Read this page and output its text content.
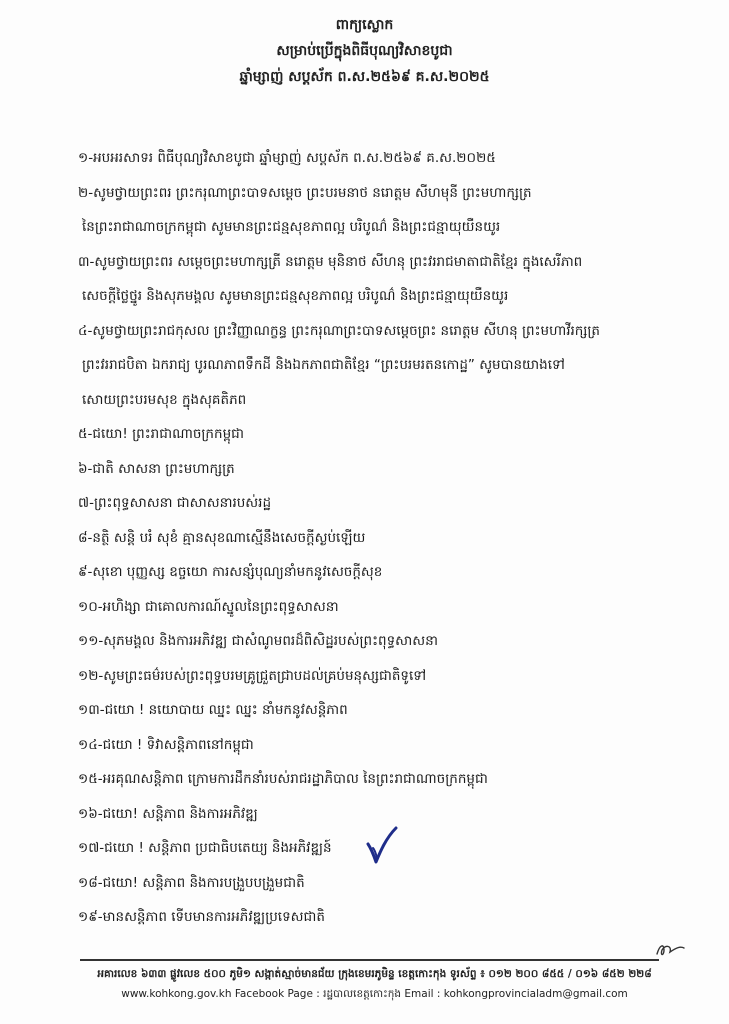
ពាក្យស្លោក
សម្រាប់ប្រើក្នុងពិធីបុណ្យវិសាខបូជា
ឆ្នាំម្សាញ់ សប្តស័ក ព.ស.២៥៦៩ គ.ស.២០២៥
១-អបអរសាទរ ពិធីបុណ្យវិសាខបូជា ឆ្នាំម្សាញ់ សប្តស័ក ព.ស.២៥៦៩ គ.ស.២០២៥
២-សូមថ្វាយព្រះពរ ព្រះករុណាព្រះបាទសម្តេច ព្រះបរមនាថ នរោត្តម សីហមុនី ព្រះមហាក្សត្រ
នៃព្រះរាជាណាចក្រកម្ពុជា សូមមានព្រះជន្មសុខភាពល្អ បរិបូណ៌ និងព្រះជន្មាយុយឺនយូរ
៣-សូមថ្វាយព្រះពរ សម្តេចព្រះមហាក្សត្រី នរោត្តម មុនិនាថ សីហនុ ព្រះវររាជមាតាជាតិខ្មែរ ក្នុងសេរីភាព
សេចក្តីថ្លៃថ្នូរ និងសុភមង្គល សូមមានព្រះជន្មសុខភាពល្អ បរិបូណ៌ និងព្រះជន្មាយុយឺនយូរ
៤-សូមថ្វាយព្រះរាជកុសល ព្រះវិញ្ញាណក្ខន្ធ ព្រះករុណាព្រះបាទសម្តេចព្រះ នរោត្តម សីហនុ ព្រះមហាវីរក្សត្រ
ព្រះវររាជបិតា ឯករាជ្យ បូរណភាពទឹកដី និងឯកភាពជាតិខ្មែរ “ព្រះបរមរតនកោដ្ឋ” សូមបានយាងទៅ
សោយព្រះបរមសុខ ក្នុងសុគតិភព
៥-ជយោ! ព្រះរាជាណាចក្រកម្ពុជា
៦-ជាតិ សាសនា ព្រះមហាក្សត្រ
៧-ព្រះពុទ្ធសាសនា ជាសាសនារបស់រដ្ឋ
៨-នត្ថិ សន្តិ បរំ សុខំ គ្មានសុខណាស្មើនឹងសេចក្តីស្ងប់ឡើយ
៩-សុខោ បុញ្ញស្ស ឧច្ចយោ ការសន្សំបុណ្យនាំមកនូវសេចក្តីសុខ
១០-អហិង្សា ជាគោលការណ៍ស្នូលនៃព្រះពុទ្ធសាសនា
១១-សុភមង្គល និងការអភិវឌ្ឍ ជាសំណូមពរដ៏ពិសិដ្ឋរបស់ព្រះពុទ្ធសាសនា
១២-សូមព្រះធម៌របស់ព្រះពុទ្ធបរមគ្រូជ្រួតជ្រាបដល់គ្រប់មនុស្សជាតិទូទៅ
១៣-ជយោ ! នយោបាយ ឈ្នះ ឈ្នះ នាំមកនូវសន្តិភាព
១៤-ជយោ ! ទិវាសន្តិភាពនៅកម្ពុជា
១៥-អរគុណសន្តិភាព ក្រោមការដឹកនាំរបស់រាជរដ្ឋាភិបាល នៃព្រះរាជាណាចក្រកម្ពុជា
១៦-ជយោ! សន្តិភាព និងការអភិវឌ្ឍ
១៧-ជយោ ! សន្តិភាព ប្រជាធិបតេយ្យ និងអភិវឌ្ឍន៍
១៨-ជយោ! សន្តិភាព និងការបង្រួបបង្រួមជាតិ
១៩-មានសន្តិភាព ទើបមានការអភិវឌ្ឍប្រទេសជាតិ
អគារលេខ ៦៣៣ ផ្លូវលេខ ៥០០ ភូមិ១ សង្កាត់ស្មាច់មានជ័យ ក្រុងខេមរភូមិន្ទ ខេត្តកោះកុង ទូរស័ព្ទ ៖ ០១២ ២០០ ៨៥៥ / ០១៦ ៨៥២ ២២៨
www.kohkong.gov.kh Facebook Page : រដ្ឋបាលខេត្តកោះកុង Email : kohkongprovincialadm@gmail.com
